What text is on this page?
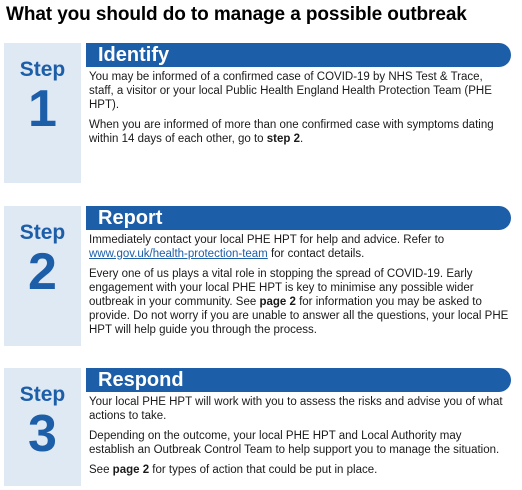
What you should do to manage a possible outbreak
Step
1
Identify

You may be informed of a confirmed case of COVID-19 by NHS Test & Trace, staff, a visitor or your local Public Health England Health Protection Team (PHE HPT).

When you are informed of more than one confirmed case with symptoms dating within 14 days of each other, go to step 2.

Step
2
Report

Immediately contact your local PHE HPT for help and advice. Refer to www.gov.uk/health-protection-team for contact details.

Every one of us plays a vital role in stopping the spread of COVID-19. Early engagement with your local PHE HPT is key to minimise any possible wider outbreak in your community. See page 2 for information you may be asked to provide. Do not worry if you are unable to answer all the questions, your local PHE HPT will help guide you through the process.

Step
3
Respond

Your local PHE HPT will work with you to assess the risks and advise you of what actions to take.

Depending on the outcome, your local PHE HPT and Local Authority may establish an Outbreak Control Team to help support you to manage the situation.

See page 2 for types of action that could be put in place.
